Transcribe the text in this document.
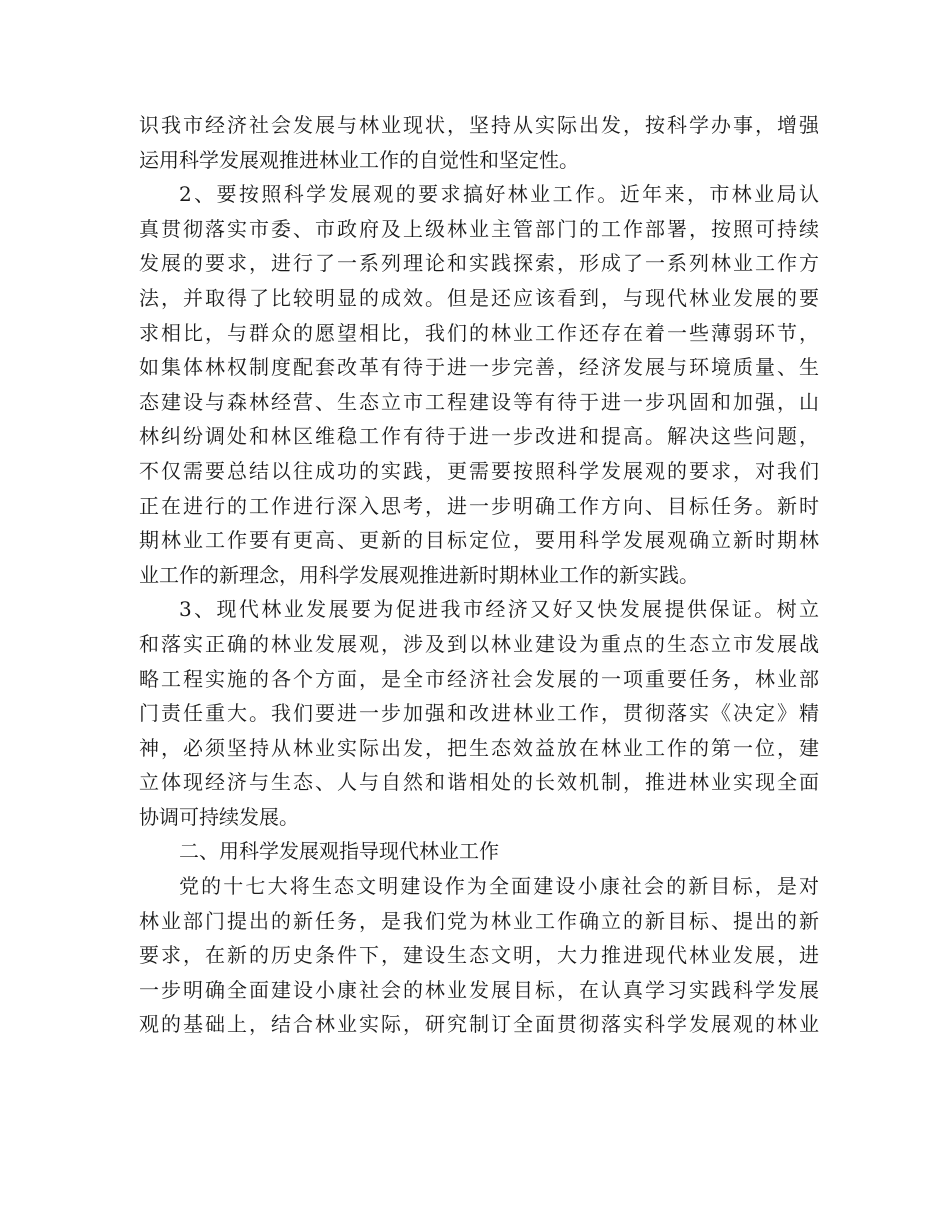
识我市经济社会发展与林业现状，坚持从实际出发，按科学办事，增强
运用科学发展观推进林业工作的自觉性和坚定性。
2、要按照科学发展观的要求搞好林业工作。近年来，市林业局认
真贯彻落实市委、市政府及上级林业主管部门的工作部署，按照可持续
发展的要求，进行了一系列理论和实践探索，形成了一系列林业工作方
法，并取得了比较明显的成效。但是还应该看到，与现代林业发展的要
求相比，与群众的愿望相比，我们的林业工作还存在着一些薄弱环节，
如集体林权制度配套改革有待于进一步完善，经济发展与环境质量、生
态建设与森林经营、生态立市工程建设等有待于进一步巩固和加强，山
林纠纷调处和林区维稳工作有待于进一步改进和提高。解决这些问题，
不仅需要总结以往成功的实践，更需要按照科学发展观的要求，对我们
正在进行的工作进行深入思考，进一步明确工作方向、目标任务。新时
期林业工作要有更高、更新的目标定位，要用科学发展观确立新时期林
业工作的新理念，用科学发展观推进新时期林业工作的新实践。
3、现代林业发展要为促进我市经济又好又快发展提供保证。树立
和落实正确的林业发展观，涉及到以林业建设为重点的生态立市发展战
略工程实施的各个方面，是全市经济社会发展的一项重要任务，林业部
门责任重大。我们要进一步加强和改进林业工作，贯彻落实《决定》精
神，必须坚持从林业实际出发，把生态效益放在林业工作的第一位，建
立体现经济与生态、人与自然和谐相处的长效机制，推进林业实现全面
协调可持续发展。
二、用科学发展观指导现代林业工作
党的十七大将生态文明建设作为全面建设小康社会的新目标，是对
林业部门提出的新任务，是我们党为林业工作确立的新目标、提出的新
要求，在新的历史条件下，建设生态文明，大力推进现代林业发展，进
一步明确全面建设小康社会的林业发展目标，在认真学习实践科学发展
观的基础上，结合林业实际，研究制订全面贯彻落实科学发展观的林业
